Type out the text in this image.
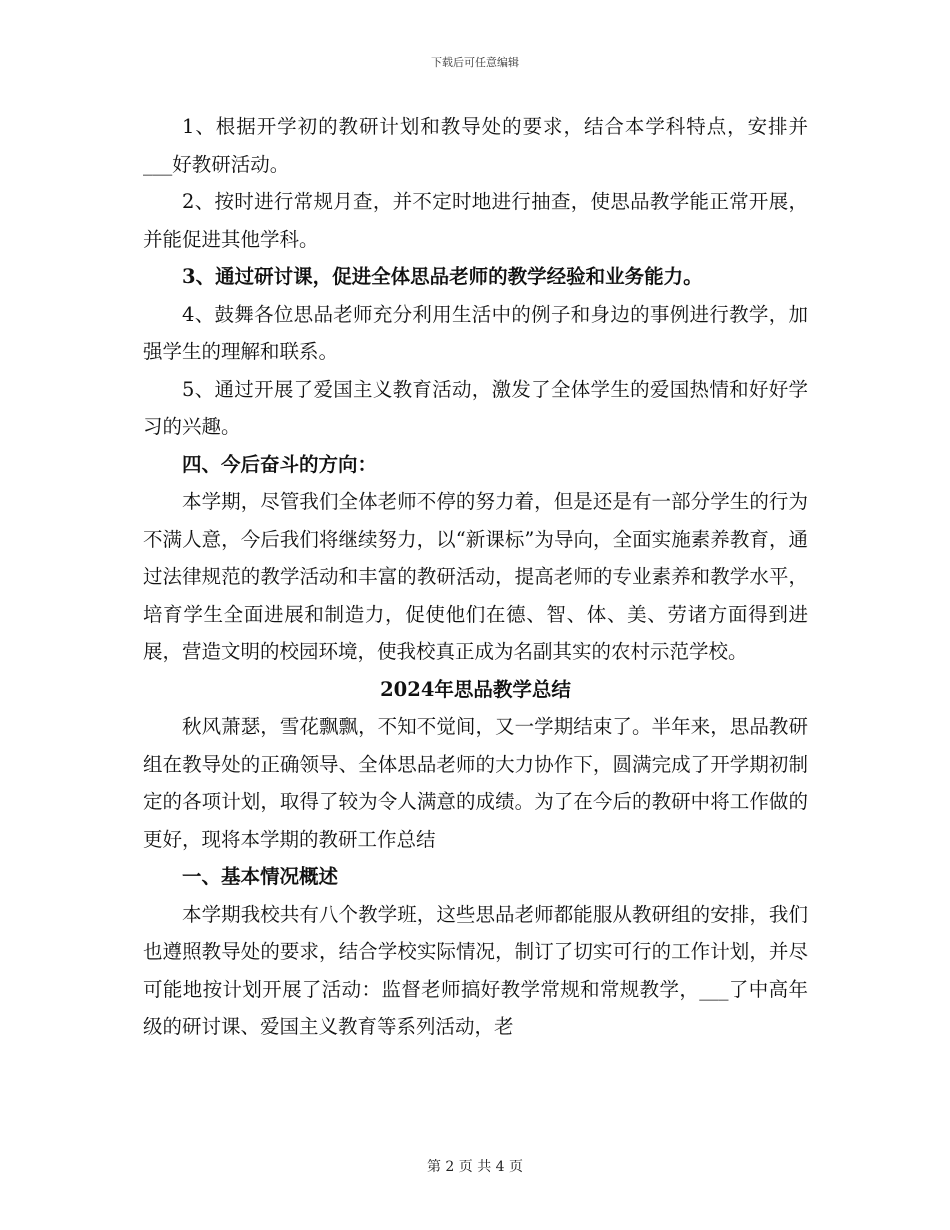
下载后可任意编辑

1、根据开学初的教研计划和教导处的要求，结合本学科特点，安排并___好教研活动。

2、按时进行常规月查，并不定时地进行抽查，使思品教学能正常开展，并能促进其他学科。

3、通过研讨课，促进全体思品老师的教学经验和业务能力。

4、鼓舞各位思品老师充分利用生活中的例子和身边的事例进行教学，加强学生的理解和联系。

5、通过开展了爱国主义教育活动，激发了全体学生的爱国热情和好好学习的兴趣。

四、今后奋斗的方向：

本学期，尽管我们全体老师不停的努力着，但是还是有一部分学生的行为不满人意，今后我们将继续努力，以“新课标”为导向，全面实施素养教育，通过法律规范的教学活动和丰富的教研活动，提高老师的专业素养和教学水平，培育学生全面进展和制造力，促使他们在德、智、体、美、劳诸方面得到进展，营造文明的校园环境，使我校真正成为名副其实的农村示范学校。

2024年思品教学总结

秋风萧瑟，雪花飘飘，不知不觉间，又一学期结束了。半年来，思品教研组在教导处的正确领导、全体思品老师的大力协作下，圆满完成了开学期初制定的各项计划，取得了较为令人满意的成绩。为了在今后的教研中将工作做的更好，现将本学期的教研工作总结

一、基本情况概述

本学期我校共有八个教学班，这些思品老师都能服从教研组的安排，我们也遵照教导处的要求，结合学校实际情况，制订了切实可行的工作计划，并尽可能地按计划开展了活动：监督老师搞好教学常规和常规教学，___了中高年级的研讨课、爱国主义教育等系列活动，老

第 2 页 共 4 页
